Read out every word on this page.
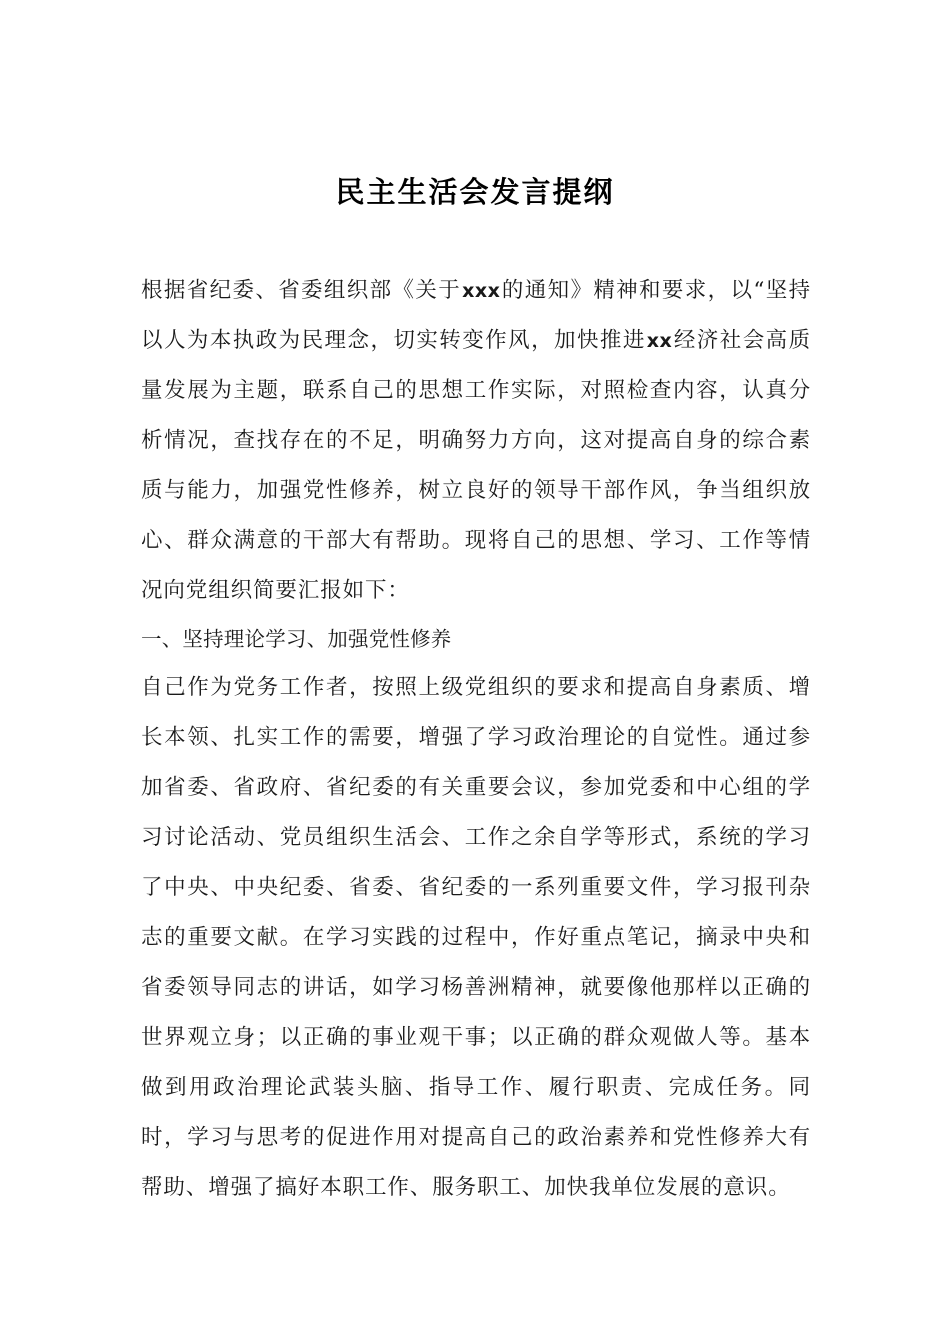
民主生活会发言提纲

根据省纪委、省委组织部《关于xxx的通知》精神和要求，以“坚持以人为本执政为民理念，切实转变作风，加快推进xx经济社会高质量发展为主题，联系自己的思想工作实际，对照检查内容，认真分析情况，查找存在的不足，明确努力方向，这对提高自身的综合素质与能力，加强党性修养，树立良好的领导干部作风，争当组织放心、群众满意的干部大有帮助。现将自己的思想、学习、工作等情况向党组织简要汇报如下：

一、坚持理论学习、加强党性修养

自己作为党务工作者，按照上级党组织的要求和提高自身素质、增长本领、扎实工作的需要，增强了学习政治理论的自觉性。通过参加省委、省政府、省纪委的有关重要会议，参加党委和中心组的学习讨论活动、党员组织生活会、工作之余自学等形式，系统的学习了中央、中央纪委、省委、省纪委的一系列重要文件，学习报刊杂志的重要文献。在学习实践的过程中，作好重点笔记，摘录中央和省委领导同志的讲话，如学习杨善洲精神，就要像他那样以正确的世界观立身；以正确的事业观干事；以正确的群众观做人等。基本做到用政治理论武装头脑、指导工作、履行职责、完成任务。同时，学习与思考的促进作用对提高自己的政治素养和党性修养大有帮助、增强了搞好本职工作、服务职工、加快我单位发展的意识。
